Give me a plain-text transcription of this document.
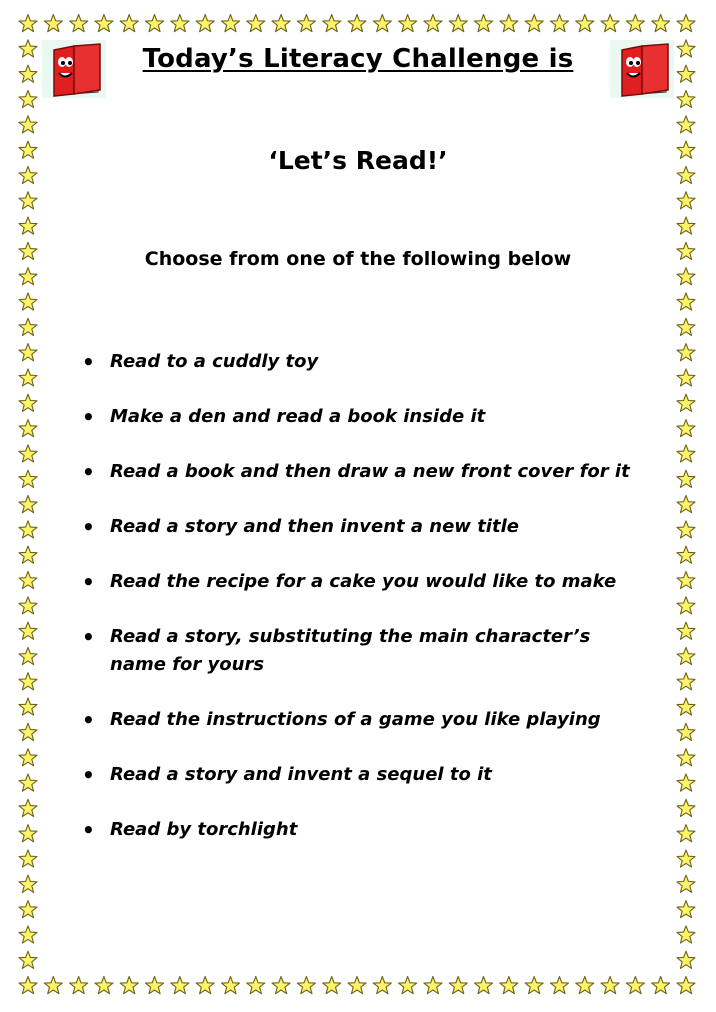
Today’s Literacy Challenge is
‘Let’s Read!’
Choose from one of the following below
• Read to a cuddly toy
• Make a den and read a book inside it
• Read a book and then draw a new front cover for it
• Read a story and then invent a new title
• Read the recipe for a cake you would like to make
• Read a story, substituting the main character’s name for yours
• Read the instructions of a game you like playing
• Read a story and invent a sequel to it
• Read by torchlight
